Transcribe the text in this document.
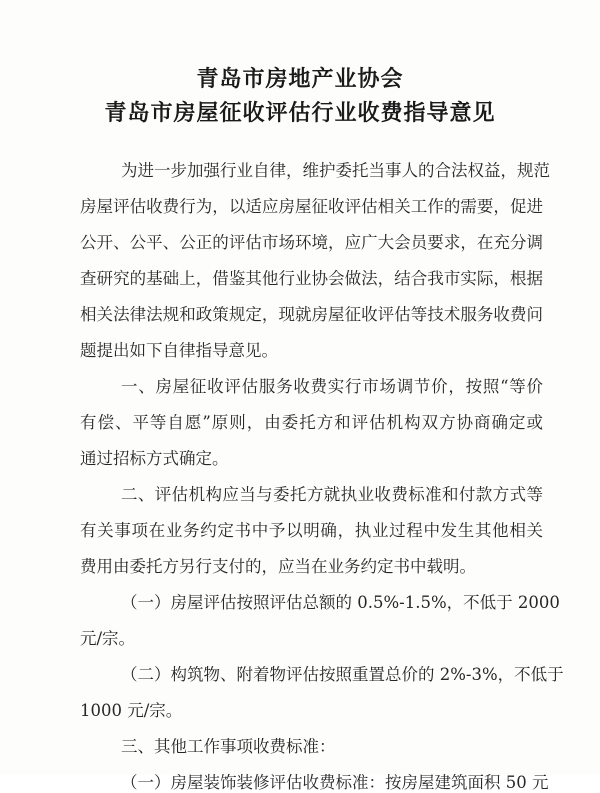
青岛市房地产业协会
青岛市房屋征收评估行业收费指导意见
为进一步加强行业自律，维护委托当事人的合法权益，规范
房屋评估收费行为，以适应房屋征收评估相关工作的需要，促进
公开、公平、公正的评估市场环境，应广大会员要求，在充分调
查研究的基础上，借鉴其他行业协会做法，结合我市实际，根据
相关法律法规和政策规定，现就房屋征收评估等技术服务收费问
题提出如下自律指导意见。
一、房屋征收评估服务收费实行市场调节价，按照“等价
有偿、平等自愿”原则，由委托方和评估机构双方协商确定或
通过招标方式确定。
二、评估机构应当与委托方就执业收费标准和付款方式等
有关事项在业务约定书中予以明确，执业过程中发生其他相关
费用由委托方另行支付的，应当在业务约定书中载明。
（一）房屋评估按照评估总额的 0.5%-1.5%，不低于 2000
元/宗。
（二）构筑物、附着物评估按照重置总价的 2%-3%，不低于
1000 元/宗。
三、其他工作事项收费标准：
（一）房屋装饰装修评估收费标准：按房屋建筑面积 50 元
